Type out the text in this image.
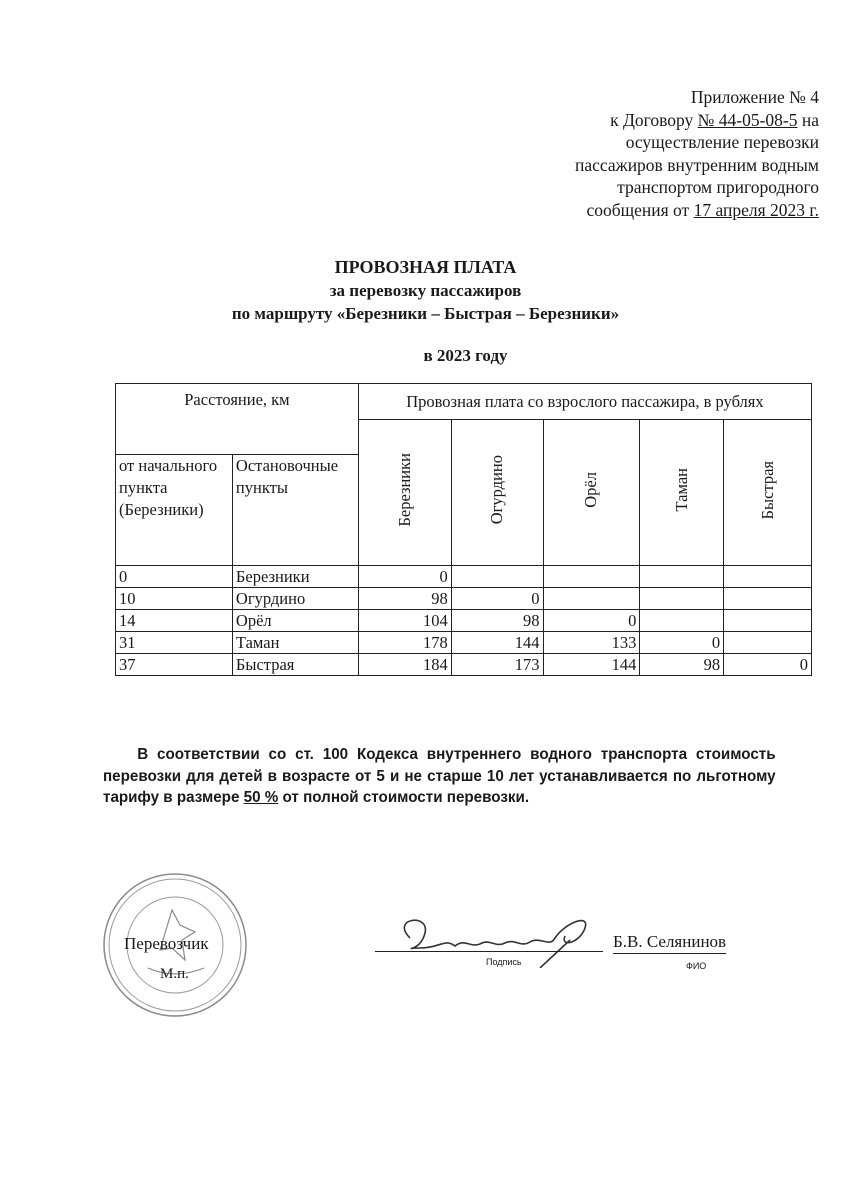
Приложение № 4
к Договору № 44-05-08-5 на
осуществление перевозки
пассажиров внутренним водным
транспортом пригородного
сообщения от 17 апреля 2023 г.
ПРОВОЗНАЯ ПЛАТА
за перевозку пассажиров
по маршруту «Березники – Быстрая – Березники»
в 2023 году
Расстояние, км		Провозная плата со взрослого пассажира, в рублях				
		Березники	Огурдино	Орёл	Таман	Быстрая
от начального пункта (Березники)	Остановочные пункты					
0	Березники	0				
10	Огурдино	98	0			
14	Орёл	104	98	0		
31	Таман	178	144	133	0	
37	Быстрая	184	173	144	98	0
В соответствии со ст. 100 Кодекса внутреннего водного транспорта стоимость перевозки для детей в возрасте от 5 и не старше 10 лет устанавливается по льготному тарифу в размере 50 % от полной стоимости перевозки.
Перевозчик
М.п.
Подпись
Б.В. Селянинов
ФИО
